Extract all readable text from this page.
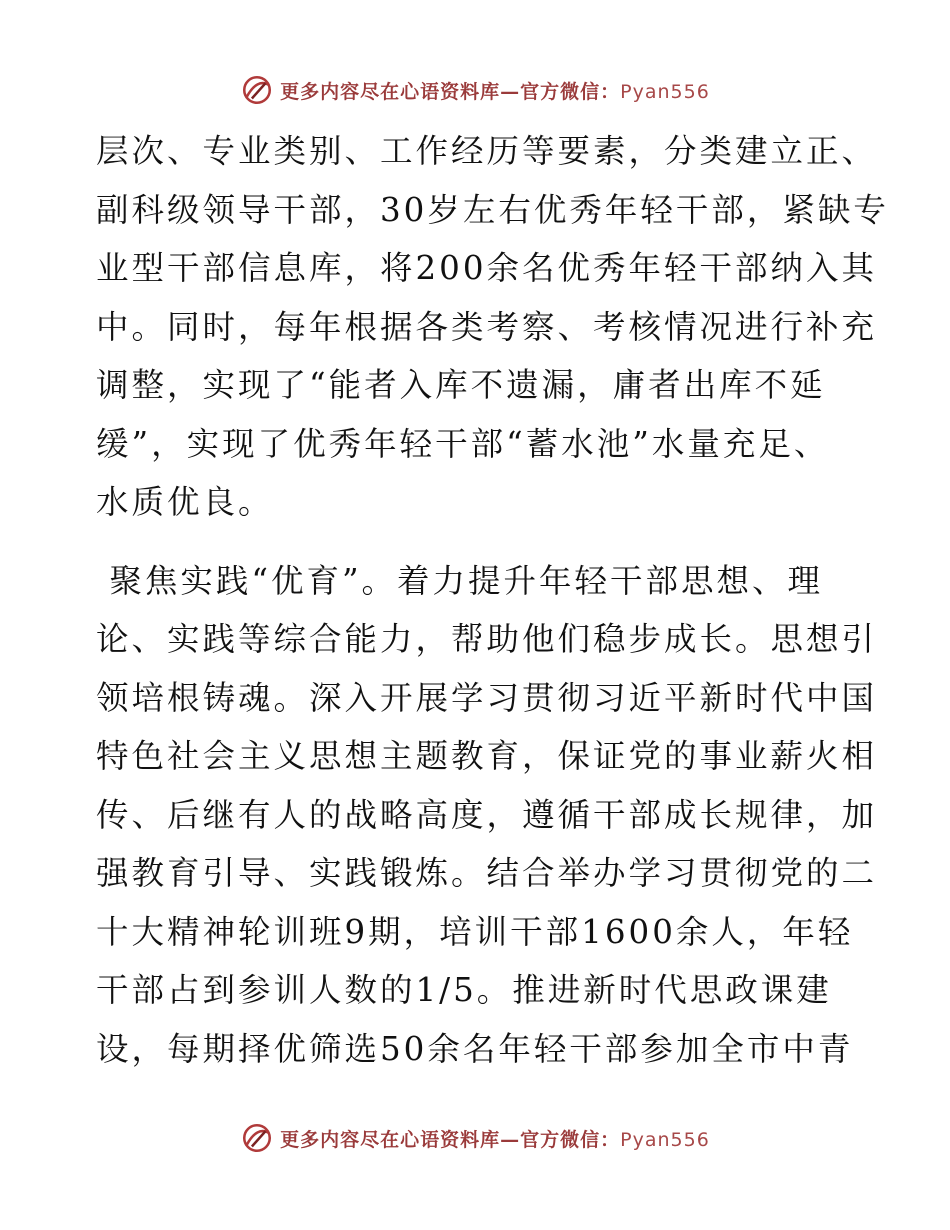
更多内容尽在心语资料库—官方微信：Pyan556
层次、专业类别、工作经历等要素，分类建立正、
副科级领导干部，30岁左右优秀年轻干部，紧缺专
业型干部信息库，将200余名优秀年轻干部纳入其
中。同时，每年根据各类考察、考核情况进行补充
调整，实现了“能者入库不遗漏，庸者出库不延
缓”，实现了优秀年轻干部“蓄水池”水量充足、
水质优良。
聚焦实践“优育”。着力提升年轻干部思想、理
论、实践等综合能力，帮助他们稳步成长。思想引
领培根铸魂。深入开展学习贯彻习近平新时代中国
特色社会主义思想主题教育，保证党的事业薪火相
传、后继有人的战略高度，遵循干部成长规律，加
强教育引导、实践锻炼。结合举办学习贯彻党的二
十大精神轮训班9期，培训干部1600余人，年轻
干部占到参训人数的1/5。推进新时代思政课建
设，每期择优筛选50余名年轻干部参加全市中青
更多内容尽在心语资料库—官方微信：Pyan556
